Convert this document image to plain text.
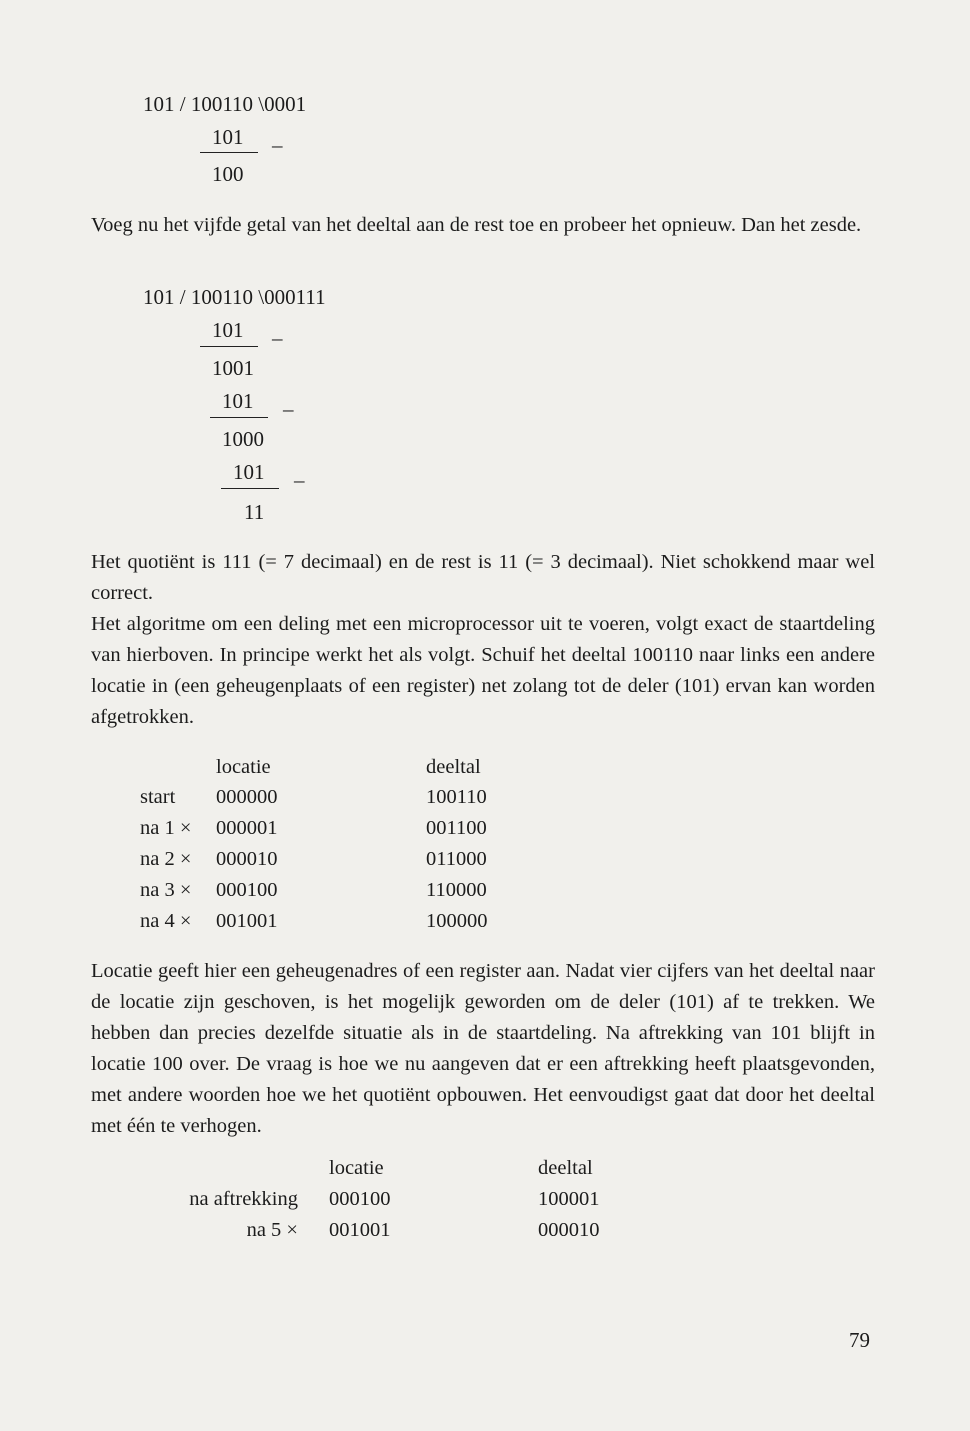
101 / 100110 \0001
101 –
100

Voeg nu het vijfde getal van het deeltal aan de rest toe en probeer het opnieuw. Dan het zesde.

101 / 100110 \000111
101 –
1001
101 –
1000
101 –
11

Het quotiënt is 111 (= 7 decimaal) en de rest is 11 (= 3 decimaal). Niet schokkend maar wel correct.

Het algoritme om een deling met een microprocessor uit te voeren, volgt exact de staartdeling van hierboven. In principe werkt het als volgt. Schuif het deeltal 100110 naar links een andere locatie in (een geheugenplaats of een register) net zolang tot de deler (101) ervan kan worden afgetrokken.

locatie	deeltal
start 000000	100110
na 1 × 000001	001100
na 2 × 000010	011000
na 3 × 000100	110000
na 4 × 001001	100000

Locatie geeft hier een geheugenadres of een register aan. Nadat vier cijfers van het deeltal naar de locatie zijn geschoven, is het mogelijk geworden om de deler (101) af te trekken. We hebben dan precies dezelfde situatie als in de staartdeling. Na aftrekking van 101 blijft in locatie 100 over. De vraag is hoe we nu aangeven dat er een aftrekking heeft plaatsgevonden, met andere woorden hoe we het quotiënt opbouwen. Het eenvoudigst gaat dat door het deeltal met één te verhogen.

locatie	deeltal
na aftrekking 000100	100001
na 5 × 001001	000010
79
